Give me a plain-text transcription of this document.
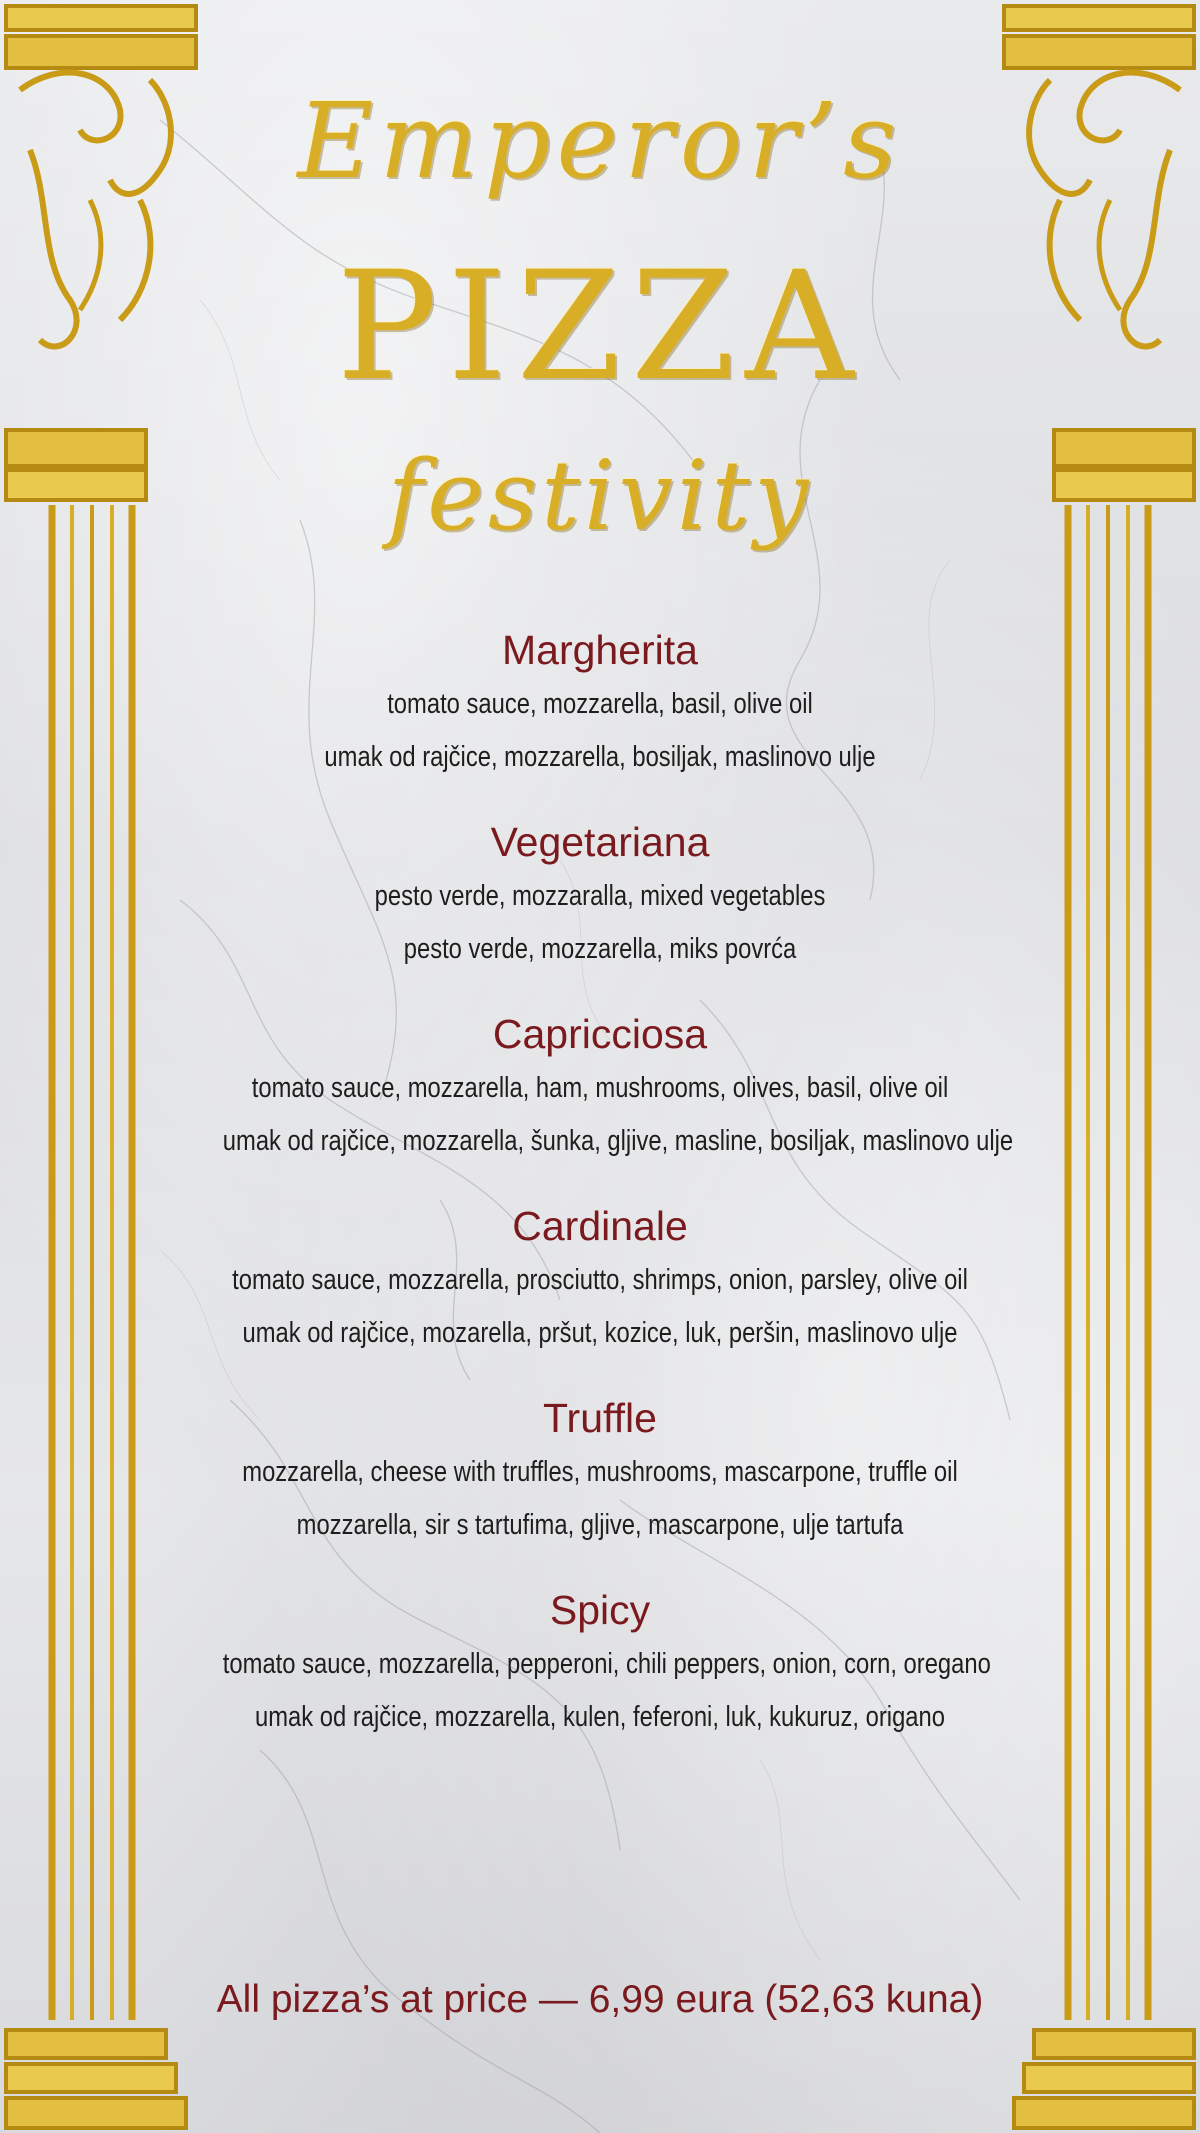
Emperor’s
PIZZA
festivity
Margherita
tomato sauce, mozzarella, basil, olive oil
umak od rajčice, mozzarella, bosiljak, maslinovo ulje
Vegetariana
pesto verde, mozzaralla, mixed vegetables
pesto verde, mozzarella, miks povrća
Capricciosa
tomato sauce, mozzarella, ham, mushrooms, olives, basil, olive oil
umak od rajčice, mozzarella, šunka, gljive, masline, bosiljak, maslinovo ulje
Cardinale
tomato sauce, mozzarella, prosciutto, shrimps, onion, parsley, olive oil
umak od rajčice, mozarella, pršut, kozice, luk, peršin, maslinovo ulje
Truffle
mozzarella, cheese with truffles, mushrooms, mascarpone, truffle oil
mozzarella, sir s tartufima, gljive, mascarpone, ulje tartufa
Spicy
tomato sauce, mozzarella, pepperoni, chili peppers, onion, corn, oregano
umak od rajčice, mozzarella, kulen, feferoni, luk, kukuruz, origano
All pizza’s at price — 6,99 eura (52,63 kuna)
